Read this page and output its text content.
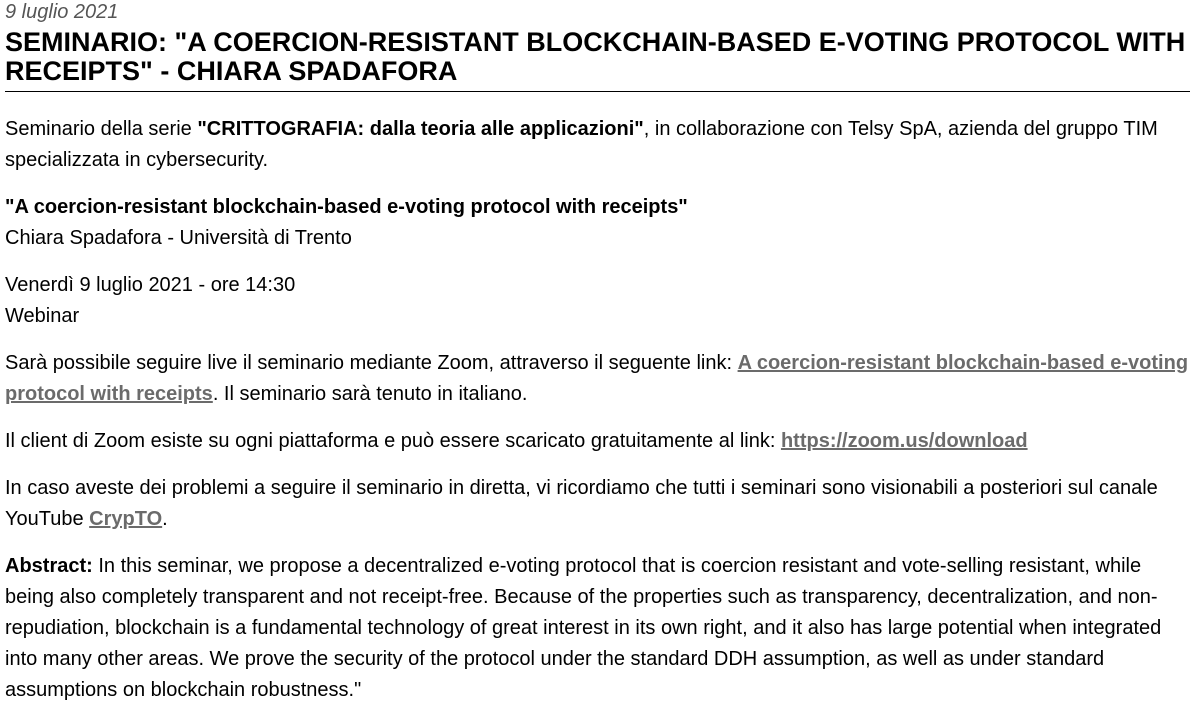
9 luglio 2021

SEMINARIO: "A COERCION-RESISTANT BLOCKCHAIN-BASED E-VOTING PROTOCOL WITH RECEIPTS" - CHIARA SPADAFORA

Seminario della serie "CRITTOGRAFIA: dalla teoria alle applicazioni", in collaborazione con Telsy SpA, azienda del gruppo TIM specializzata in cybersecurity.

"A coercion-resistant blockchain-based e-voting protocol with receipts"
Chiara Spadafora - Università di Trento

Venerdì 9 luglio 2021 - ore 14:30
Webinar

Sarà possibile seguire live il seminario mediante Zoom, attraverso il seguente link: A coercion-resistant blockchain-based e-voting protocol with receipts. Il seminario sarà tenuto in italiano.

Il client di Zoom esiste su ogni piattaforma e può essere scaricato gratuitamente al link: https://zoom.us/download

In caso aveste dei problemi a seguire il seminario in diretta, vi ricordiamo che tutti i seminari sono visionabili a posteriori sul canale YouTube CrypTO.

Abstract: In this seminar, we propose a decentralized e-voting protocol that is coercion resistant and vote-selling resistant, while being also completely transparent and not receipt-free. Because of the properties such as transparency, decentralization, and non-repudiation, blockchain is a fundamental technology of great interest in its own right, and it also has large potential when integrated into many other areas. We prove the security of the protocol under the standard DDH assumption, as well as under standard assumptions on blockchain robustness."
